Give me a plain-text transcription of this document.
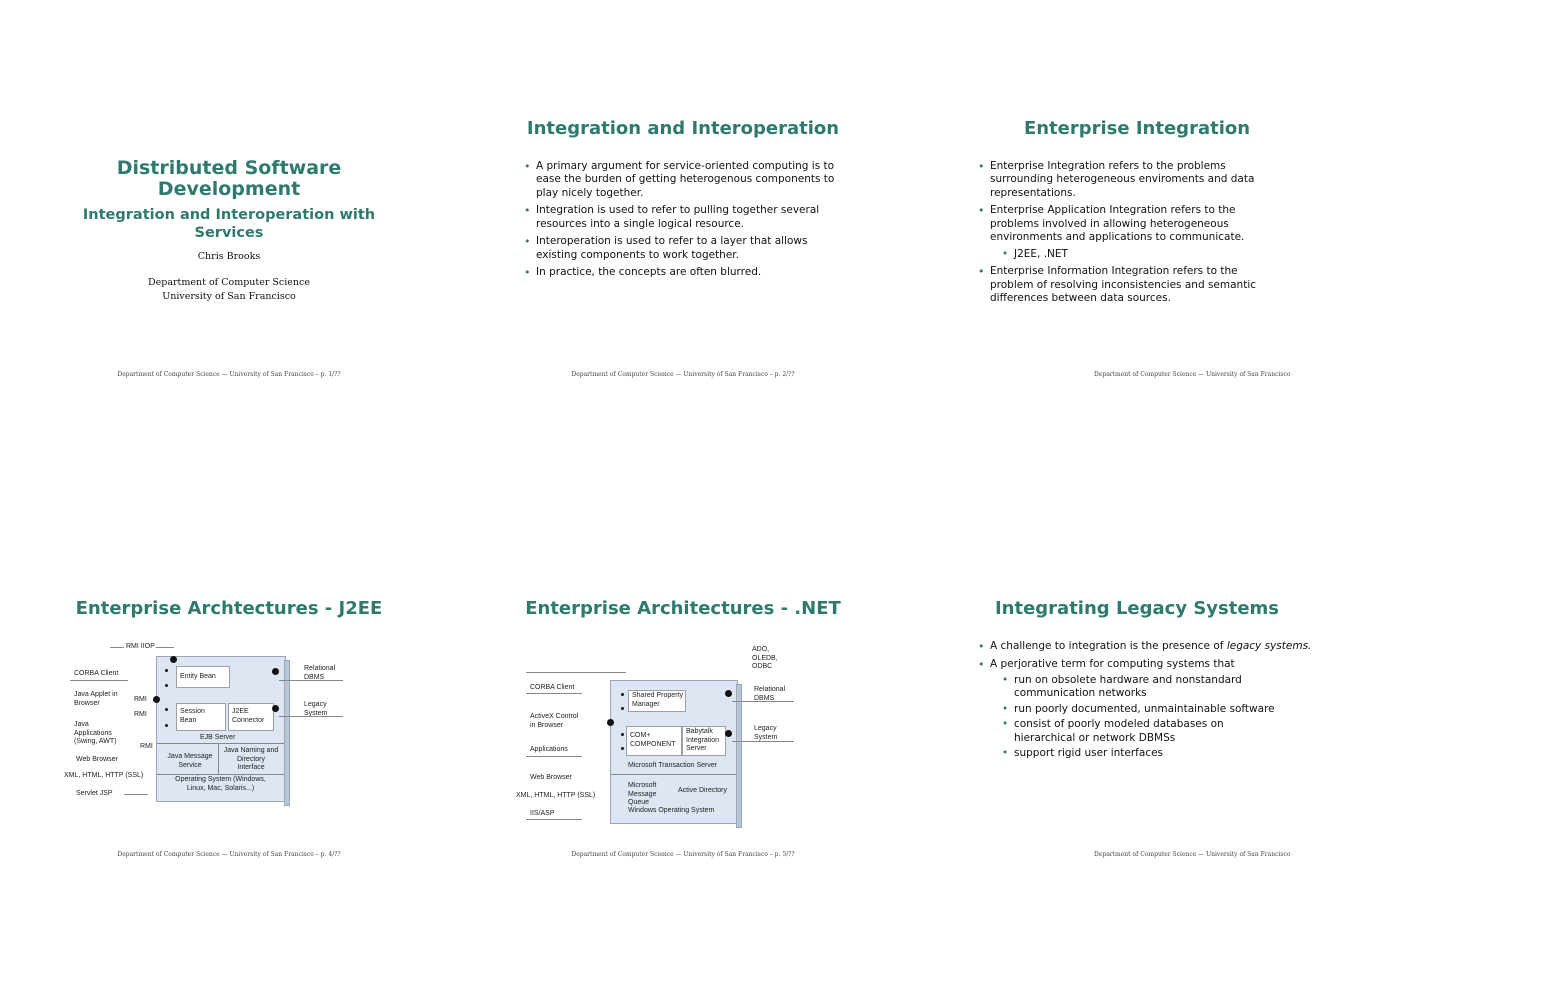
Distributed Software
Development
Integration and Interoperation with
Services
Chris Brooks
Department of Computer Science
University of San Francisco
Department of Computer Science — University of San Francisco – p. 1/??
Integration and Interoperation
• A primary argument for service-oriented computing is to ease the burden of getting heterogenous components to play nicely together.
• Integration is used to refer to pulling together several resources into a single logical resource.
• Interoperation is used to refer to a layer that allows existing components to work together.
• In practice, the concepts are often blurred.
Department of Computer Science — University of San Francisco – p. 2/??
Enterprise Integration
• Enterprise Integration refers to the problems surrounding heterogeneous enviroments and data representations.
• Enterprise Application Integration refers to the problems involved in allowing heterogeneous environments and applications to communicate.
• J2EE, .NET
• Enterprise Information Integration refers to the problem of resolving inconsistencies and semantic differences between data sources.
Department of Computer Science — University of San Francisco
Enterprise Archtectures - J2EE
RMI IIOP
CORBA Client
Java Applet in
Browser	RMI
Java
Applications
(Swing, AWT)
RMI
RMI
Web Browser
XML, HTML, HTTP (SSL)
Servlet JSP
Entity Bean
Session
Bean
J2EE
Connector
EJB Server
Java Message
Service
Java Naming and
Directory
Interface
Operating System (Windows,
Linux, Mac, Solaris...)
Relational
DBMS
Legacy
System
Department of Computer Science — University of San Francisco – p. 4/??
Enterprise Architectures - .NET
ADO,
OLEDB,
ODBC
CORBA Client
ActiveX Control
in Browser
Applications
Web Browser
XML, HTML, HTTP (SSL)
IIS/ASP
Shared Property
Manager
COM+
COMPONENT
Babytalk
Integration
Server
Microsoft Transaction Server
Microsoft
Message
Queue
Active Directory
Windows Operating System
Relational
DBMS
Legacy
System
Department of Computer Science — University of San Francisco – p. 5/??
Integrating Legacy Systems
• A challenge to integration is the presence of legacy systems.
• A perjorative term for computing systems that
• run on obsolete hardware and nonstandard communication networks
• run poorly documented, unmaintainable software
• consist of poorly modeled databases on hierarchical or network DBMSs
• support rigid user interfaces
Department of Computer Science — University of San Francisco
